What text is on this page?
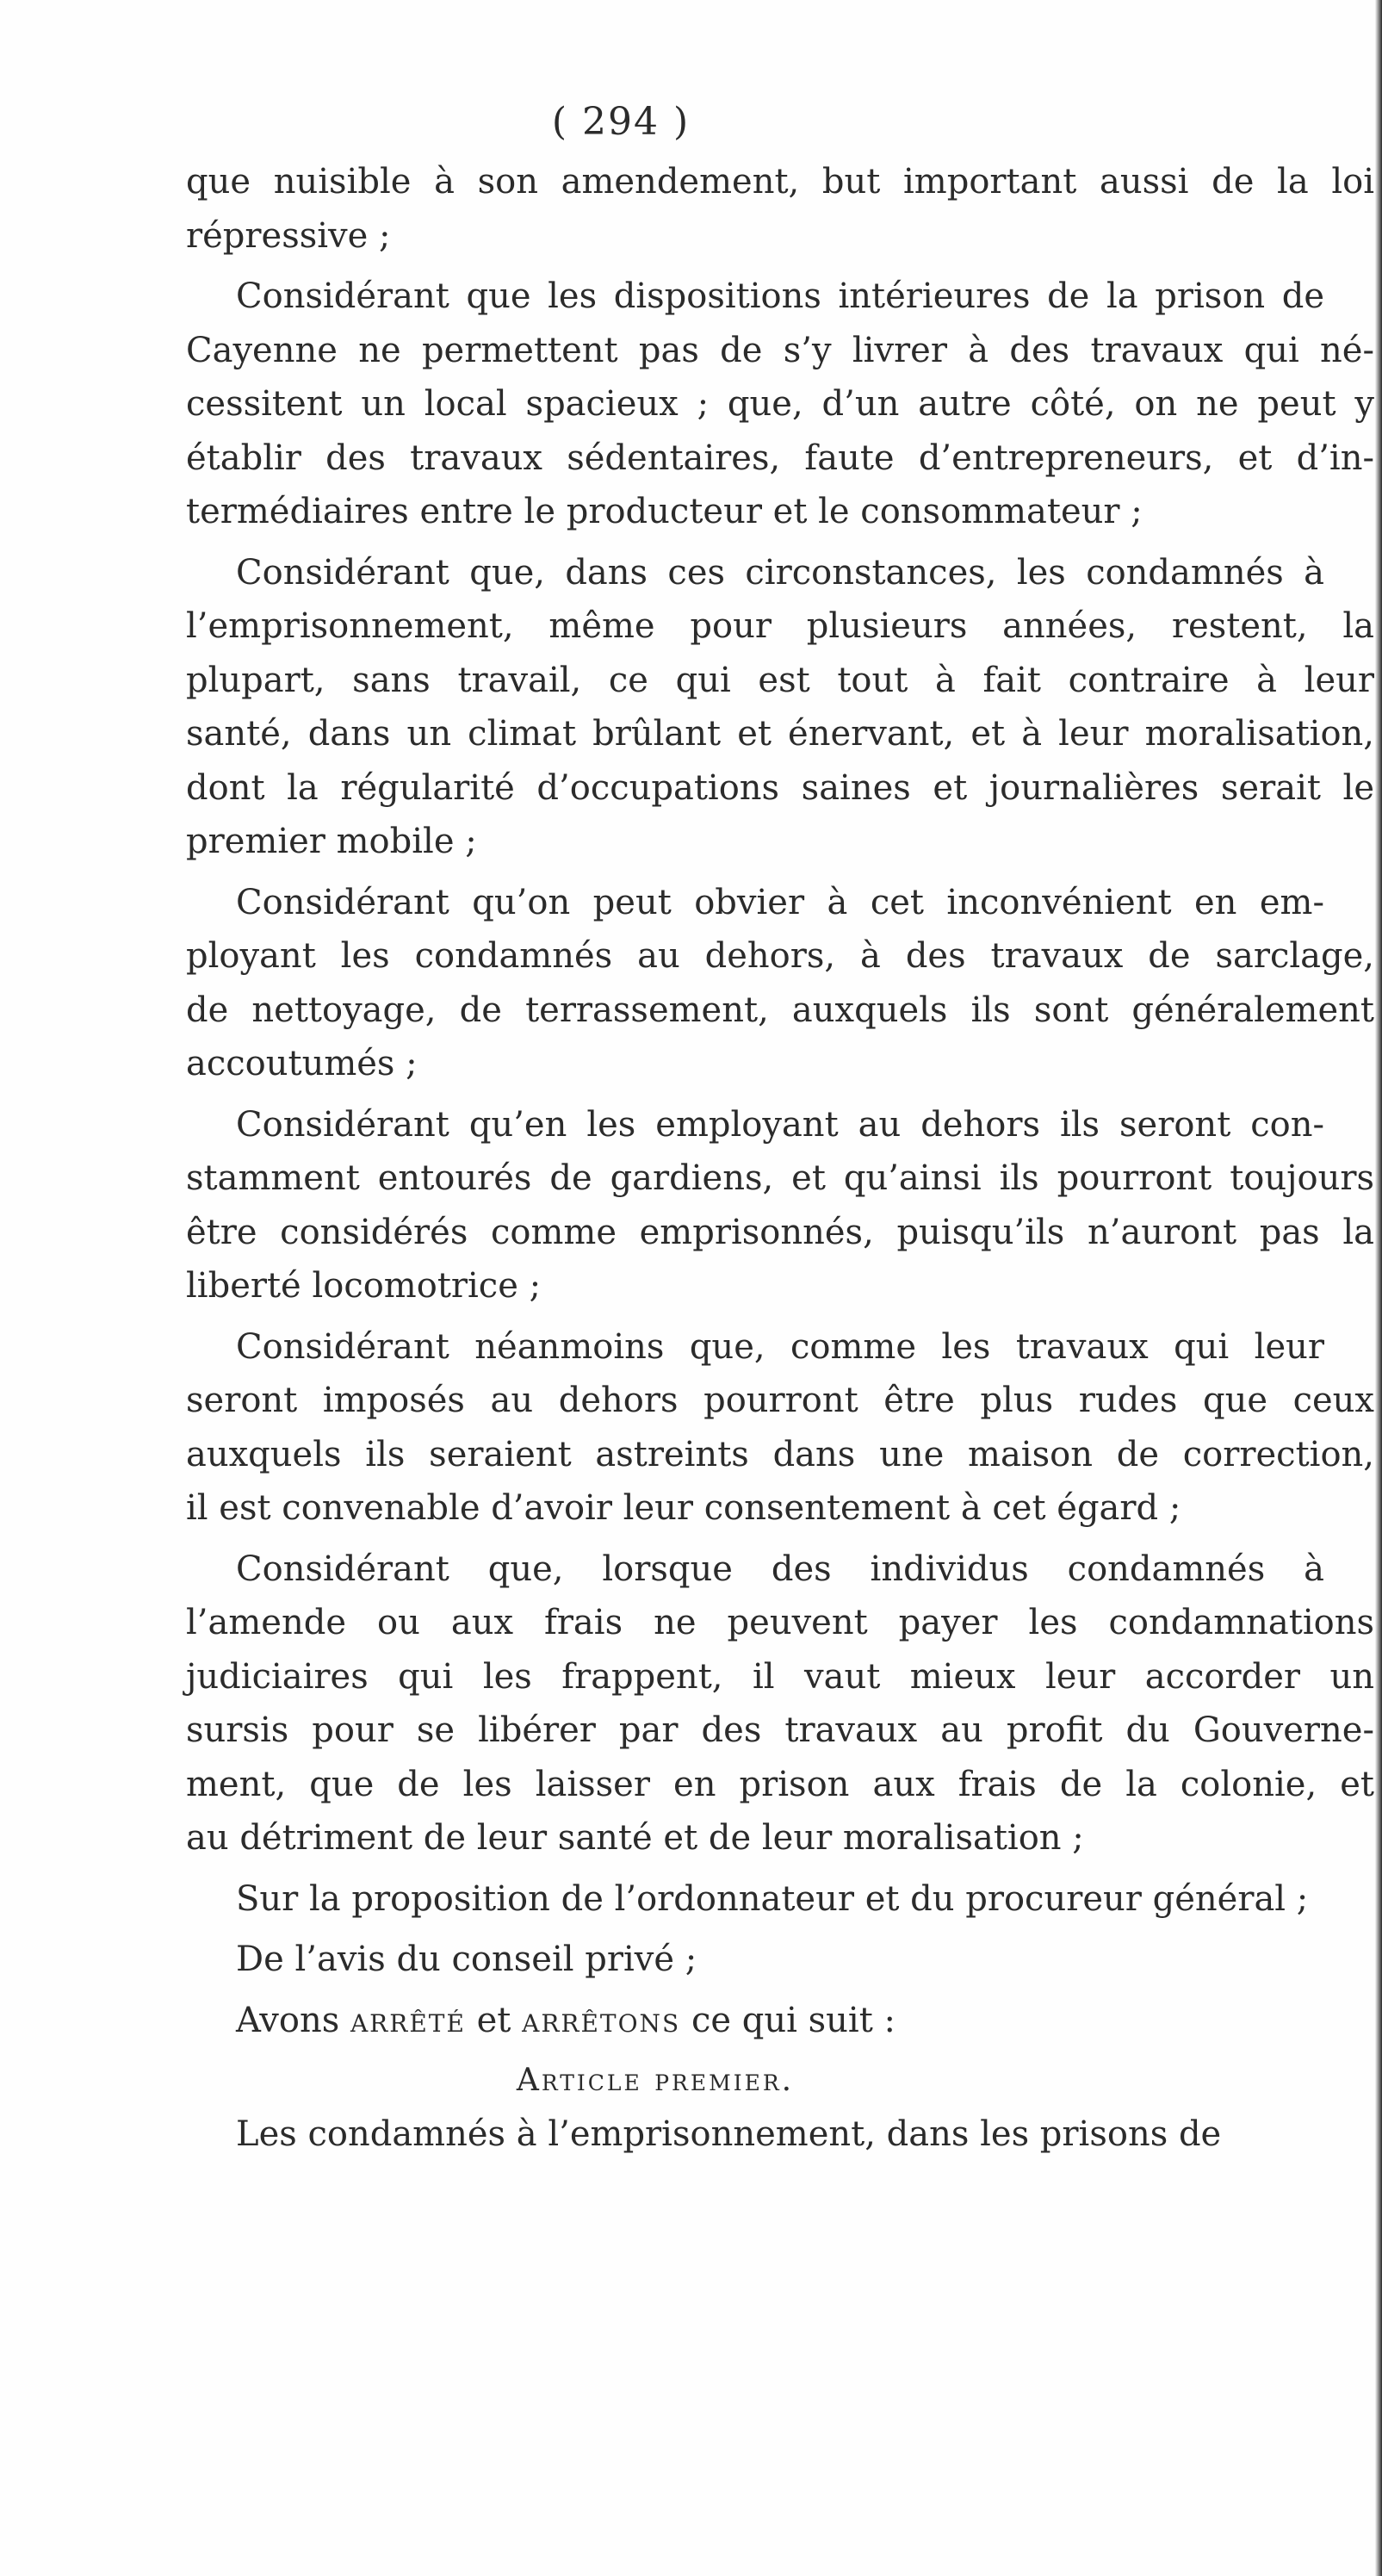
( 294 )
que nuisible à son amendement, but important aussi de la loi
répressive ;
Considérant que les dispositions intérieures de la prison de
Cayenne ne permettent pas de s’y livrer à des travaux qui né-
cessitent un local spacieux ; que, d’un autre côté, on ne peut y
établir des travaux sédentaires, faute d’entrepreneurs, et d’in-
termédiaires entre le producteur et le consommateur ;
Considérant que, dans ces circonstances, les condamnés à
l’emprisonnement, même pour plusieurs années, restent, la
plupart, sans travail, ce qui est tout à fait contraire à leur
santé, dans un climat brûlant et énervant, et à leur moralisation,
dont la régularité d’occupations saines et journalières serait le
premier mobile ;
Considérant qu’on peut obvier à cet inconvénient en em-
ployant les condamnés au dehors, à des travaux de sarclage,
de nettoyage, de terrassement, auxquels ils sont généralement
accoutumés ;
Considérant qu’en les employant au dehors ils seront con-
stamment entourés de gardiens, et qu’ainsi ils pourront toujours
être considérés comme emprisonnés, puisqu’ils n’auront pas la
liberté locomotrice ;
Considérant néanmoins que, comme les travaux qui leur
seront imposés au dehors pourront être plus rudes que ceux
auxquels ils seraient astreints dans une maison de correction,
il est convenable d’avoir leur consentement à cet égard ;
Considérant que, lorsque des individus condamnés à
l’amende ou aux frais ne peuvent payer les condamnations
judiciaires qui les frappent, il vaut mieux leur accorder un
sursis pour se libérer par des travaux au profit du Gouverne-
ment, que de les laisser en prison aux frais de la colonie, et
au détriment de leur santé et de leur moralisation ;
Sur la proposition de l’ordonnateur et du procureur général ;
De l’avis du conseil privé ;
Avons arrêté et arrêtons ce qui suit :
Article premier.
Les condamnés à l’emprisonnement, dans les prisons de
